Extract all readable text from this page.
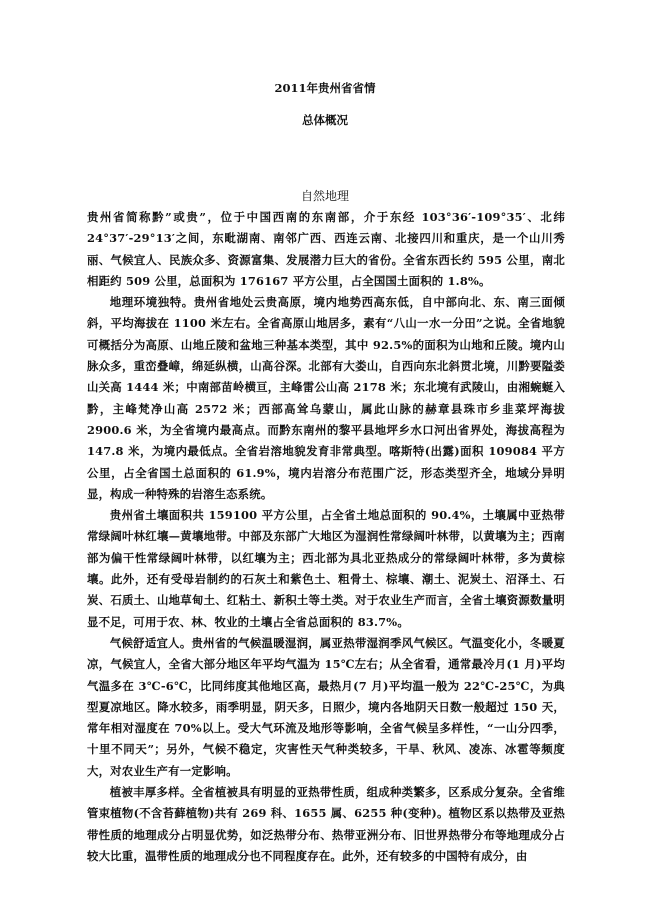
2011年贵州省省情
总体概况
自然地理

贵州省简称黔”或贵”，位于中国西南的东南部，介于东经 103°36′-109°35′、北纬 24°37′-29°13′之间，东毗湖南、南邻广西、西连云南、北接四川和重庆，是一个山川秀丽、气候宜人、民族众多、资源富集、发展潜力巨大的省份。全省东西长约 595 公里，南北相距约 509 公里，总面积为 176167 平方公里，占全国国土面积的 1.8%。

地理环境独特。贵州省地处云贵高原，境内地势西高东低，自中部向北、东、南三面倾斜，平均海拔在 1100 米左右。全省高原山地居多，素有“八山一水一分田”之说。全省地貌可概括分为高原、山地丘陵和盆地三种基本类型，其中 92.5%的面积为山地和丘陵。境内山脉众多，重峦叠嶂，绵延纵横，山高谷深。北部有大娄山，自西向东北斜贯北境，川黔要隘娄山关高 1444 米；中南部苗岭横亘，主峰雷公山高 2178 米；东北境有武陵山，由湘蜿蜒入黔，主峰梵净山高 2572 米；西部高耸乌蒙山，属此山脉的赫章县珠市乡韭菜坪海拔 2900.6 米，为全省境内最高点。而黔东南州的黎平县地坪乡水口河出省界处，海拔高程为 147.8 米，为境内最低点。全省岩溶地貌发育非常典型。喀斯特(出露)面积 109084 平方公里，占全省国土总面积的 61.9%，境内岩溶分布范围广泛，形态类型齐全，地域分异明显，构成一种特殊的岩溶生态系统。

贵州省土壤面积共 159100 平方公里，占全省土地总面积的 90.4%，土壤属中亚热带常绿阔叶林红壤—黄壤地带。中部及东部广大地区为湿润性常绿阔叶林带，以黄壤为主；西南部为偏干性常绿阔叶林带，以红壤为主；西北部为具北亚热成分的常绿阔叶林带，多为黄棕壤。此外，还有受母岩制约的石灰土和紫色土、粗骨土、棕壤、潮土、泥炭土、沼泽土、石炭、石质土、山地草甸土、红粘土、新积土等土类。对于农业生产而言，全省土壤资源数量明显不足，可用于农、林、牧业的土壤占全省总面积的 83.7%。

气候舒适宜人。贵州省的气候温暖湿润，属亚热带湿润季风气候区。气温变化小，冬暖夏凉，气候宜人，全省大部分地区年平均气温为 15℃左右；从全省看，通常最冷月(1 月)平均气温多在 3℃-6℃，比同纬度其他地区高，最热月(7 月)平均温一般为 22℃-25℃，为典型夏凉地区。降水较多，雨季明显，阴天多，日照少，境内各地阴天日数一般超过 150 天，常年相对湿度在 70%以上。受大气环流及地形等影响，全省气候呈多样性，“一山分四季，十里不同天”；另外，气候不稳定，灾害性天气种类较多，干旱、秋风、凌冻、冰雹等频度大，对农业生产有一定影响。

植被丰厚多样。全省植被具有明显的亚热带性质，组成种类繁多，区系成分复杂。全省维管束植物(不含苔藓植物)共有 269 科、1655 属、6255 种(变种)。植物区系以热带及亚热带性质的地理成分占明显优势，如泛热带分布、热带亚洲分布、旧世界热带分布等地理成分占较大比重，温带性质的地理成分也不同程度存在。此外，还有较多的中国特有成分，由
